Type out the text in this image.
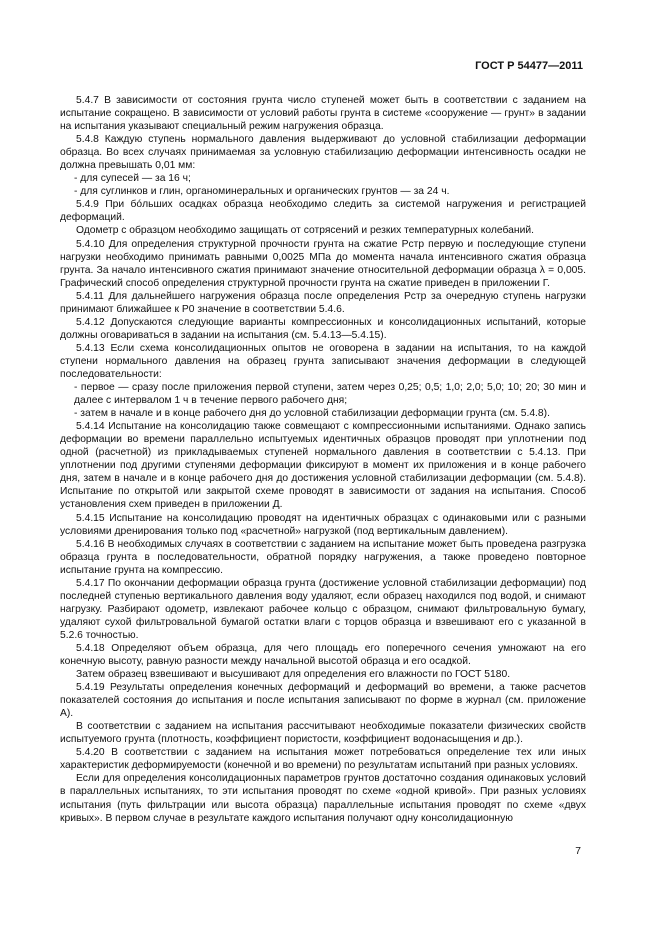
ГОСТ Р 54477—2011

5.4.7 В зависимости от состояния грунта число ступеней может быть в соответствии с заданием на испытание сокращено. В зависимости от условий работы грунта в системе «сооружение — грунт» в задании на испытания указывают специальный режим нагружения образца.

5.4.8 Каждую ступень нормального давления выдерживают до условной стабилизации деформации образца. Во всех случаях принимаемая за условную стабилизацию деформации интенсивность осадки не должна превышать 0,01 мм:

- для супесей — за 16 ч;

- для суглинков и глин, органоминеральных и органических грунтов — за 24 ч.

5.4.9 При бóльших осадках образца необходимо следить за системой нагружения и регистрацией деформаций.

Одометр с образцом необходимо защищать от сотрясений и резких температурных колебаний.

5.4.10 Для определения структурной прочности грунта на сжатие Pстр первую и последующие ступени нагрузки необходимо принимать равными 0,0025 МПа до момента начала интенсивного сжатия образца грунта. За начало интенсивного сжатия принимают значение относительной деформации образца λ = 0,005. Графический способ определения структурной прочности грунта на сжатие приведен в приложении Г.

5.4.11 Для дальнейшего нагружения образца после определения Pстр за очередную ступень нагрузки принимают ближайшее к P0 значение в соответствии 5.4.6.

5.4.12 Допускаются следующие варианты компрессионных и консолидационных испытаний, которые должны оговариваться в задании на испытания (см. 5.4.13—5.4.15).

5.4.13 Если схема консолидационных опытов не оговорена в задании на испытания, то на каждой ступени нормального давления на образец грунта записывают значения деформации в следующей последовательности:

- первое — сразу после приложения первой ступени, затем через 0,25; 0,5; 1,0; 2,0; 5,0; 10; 20; 30 мин и далее с интервалом 1 ч в течение первого рабочего дня;

- затем в начале и в конце рабочего дня до условной стабилизации деформации грунта (см. 5.4.8).

5.4.14 Испытание на консолидацию также совмещают с компрессионными испытаниями. Однако запись деформации во времени параллельно испытуемых идентичных образцов проводят при уплотнении под одной (расчетной) из прикладываемых ступеней нормального давления в соответствии с 5.4.13. При уплотнении под другими ступенями деформации фиксируют в момент их приложения и в конце рабочего дня, затем в начале и в конце рабочего дня до достижения условной стабилизации деформации (см. 5.4.8). Испытание по открытой или закрытой схеме проводят в зависимости от задания на испытания. Способ установления схем приведен в приложении Д.

5.4.15 Испытание на консолидацию проводят на идентичных образцах с одинаковыми или с разными условиями дренирования только под «расчетной» нагрузкой (под вертикальным давлением).

5.4.16 В необходимых случаях в соответствии с заданием на испытание может быть проведена разгрузка образца грунта в последовательности, обратной порядку нагружения, а также проведено повторное испытание грунта на компрессию.

5.4.17 По окончании деформации образца грунта (достижение условной стабилизации деформации) под последней ступенью вертикального давления воду удаляют, если образец находился под водой, и снимают нагрузку. Разбирают одометр, извлекают рабочее кольцо с образцом, снимают фильтровальную бумагу, удаляют сухой фильтровальной бумагой остатки влаги с торцов образца и взвешивают его с указанной в 5.2.6 точностью.

5.4.18 Определяют объем образца, для чего площадь его поперечного сечения умножают на его конечную высоту, равную разности между начальной высотой образца и его осадкой.

Затем образец взвешивают и высушивают для определения его влажности по ГОСТ 5180.

5.4.19 Результаты определения конечных деформаций и деформаций во времени, а также расчетов показателей состояния до испытания и после испытания записывают по форме в журнал (см. приложение А).

В соответствии с заданием на испытания рассчитывают необходимые показатели физических свойств испытуемого грунта (плотность, коэффициент пористости, коэффициент водонасыщения и др.).

5.4.20 В соответствии с заданием на испытания может потребоваться определение тех или иных характеристик деформируемости (конечной и во времени) по результатам испытаний при разных условиях.

Если для определения консолидационных параметров грунтов достаточно создания одинаковых условий в параллельных испытаниях, то эти испытания проводят по схеме «одной кривой». При разных условиях испытания (путь фильтрации или высота образца) параллельные испытания проводят по схеме «двух кривых». В первом случае в результате каждого испытания получают одну консолидационную

7
